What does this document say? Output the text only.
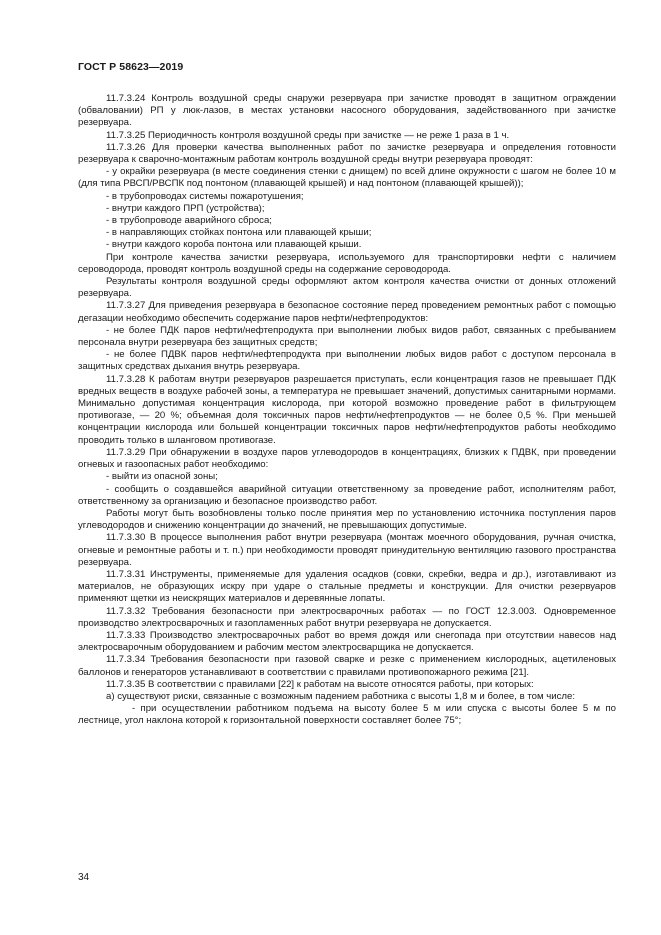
ГОСТ Р 58623—2019

11.7.3.24 Контроль воздушной среды снаружи резервуара при зачистке проводят в защитном ограждении (обваловании) РП у люк-лазов, в местах установки насосного оборудования, задействованного при зачистке резервуара.

11.7.3.25 Периодичность контроля воздушной среды при зачистке — не реже 1 раза в 1 ч.

11.7.3.26 Для проверки качества выполненных работ по зачистке резервуара и определения готовности резервуара к сварочно-монтажным работам контроль воздушной среды внутри резервуара проводят:

- у окрайки резервуара (в месте соединения стенки с днищем) по всей длине окружности с шагом не более 10 м (для типа РВСП/РВСПК под понтоном (плавающей крышей) и над понтоном (плавающей крышей));

- в трубопроводах системы пожаротушения;

- внутри каждого ПРП (устройства);

- в трубопроводе аварийного сброса;

- в направляющих стойках понтона или плавающей крыши;

- внутри каждого короба понтона или плавающей крыши.

При контроле качества зачистки резервуара, используемого для транспортировки нефти с наличием сероводорода, проводят контроль воздушной среды на содержание сероводорода.

Результаты контроля воздушной среды оформляют актом контроля качества очистки от донных отложений резервуара.

11.7.3.27 Для приведения резервуара в безопасное состояние перед проведением ремонтных работ с помощью дегазации необходимо обеспечить содержание паров нефти/нефтепродуктов:

- не более ПДК паров нефти/нефтепродукта при выполнении любых видов работ, связанных с пребыванием персонала внутри резервуара без защитных средств;

- не более ПДВК паров нефти/нефтепродукта при выполнении любых видов работ с доступом персонала в защитных средствах дыхания внутрь резервуара.

11.7.3.28 К работам внутри резервуаров разрешается приступать, если концентрация газов не превышает ПДК вредных веществ в воздухе рабочей зоны, а температура не превышает значений, допустимых санитарными нормами. Минимально допустимая концентрация кислорода, при которой возможно проведение работ в фильтрующем противогазе, — 20 %; объемная доля токсичных паров нефти/нефтепродуктов — не более 0,5 %. При меньшей концентрации кислорода или большей концентрации токсичных паров нефти/нефтепродуктов работы необходимо проводить только в шланговом противогазе.

11.7.3.29 При обнаружении в воздухе паров углеводородов в концентрациях, близких к ПДВК, при проведении огневых и газоопасных работ необходимо:

- выйти из опасной зоны;

- сообщить о создавшейся аварийной ситуации ответственному за проведение работ, исполнителям работ, ответственному за организацию и безопасное производство работ.

Работы могут быть возобновлены только после принятия мер по установлению источника поступления паров углеводородов и снижению концентрации до значений, не превышающих допустимые.

11.7.3.30 В процессе выполнения работ внутри резервуара (монтаж моечного оборудования, ручная очистка, огневые и ремонтные работы и т. п.) при необходимости проводят принудительную вентиляцию газового пространства резервуара.

11.7.3.31 Инструменты, применяемые для удаления осадков (совки, скребки, ведра и др.), изготавливают из материалов, не образующих искру при ударе о стальные предметы и конструкции. Для очистки резервуаров применяют щетки из неискрящих материалов и деревянные лопаты.

11.7.3.32 Требования безопасности при электросварочных работах — по ГОСТ 12.3.003. Одновременное производство электросварочных и газопламенных работ внутри резервуара не допускается.

11.7.3.33 Производство электросварочных работ во время дождя или снегопада при отсутствии навесов над электросварочным оборудованием и рабочим местом электросварщика не допускается.

11.7.3.34 Требования безопасности при газовой сварке и резке с применением кислородных, ацетиленовых баллонов и генераторов устанавливают в соответствии с правилами противопожарного режима [21].

11.7.3.35 В соответствии с правилами [22] к работам на высоте относятся работы, при которых:

а) существуют риски, связанные с возможным падением работника с высоты 1,8 м и более, в том числе:

- при осуществлении работником подъема на высоту более 5 м или спуска с высоты более 5 м по лестнице, угол наклона которой к горизонтальной поверхности составляет более 75°;

34
